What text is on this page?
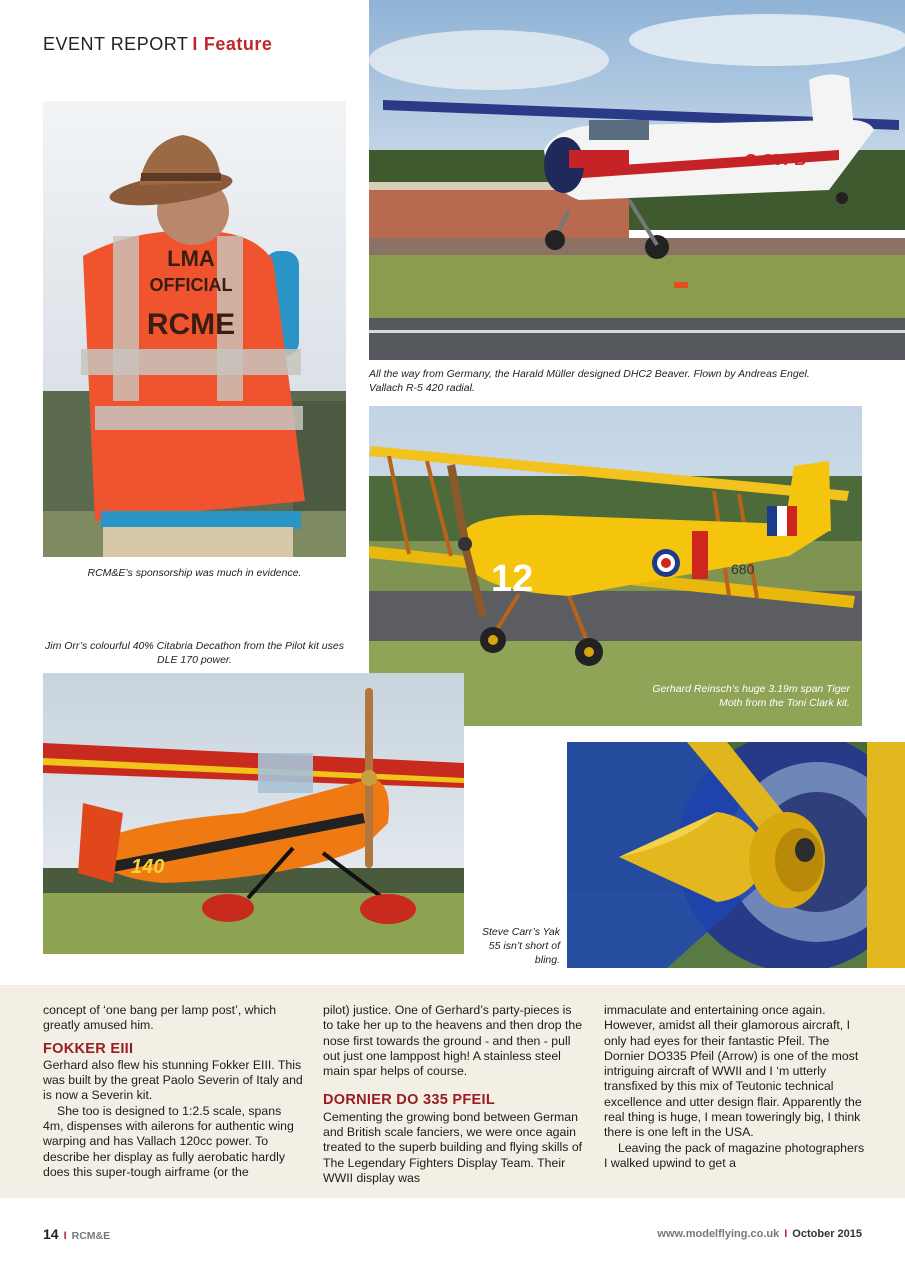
EVENT REPORT I Feature
LMA
OFFICIAL
RCME
C-GVPB
All the way from Germany, the Harald Müller designed DHC2 Beaver. Flown by Andreas Engel. Vallach R-5 420 radial.
RCM&E’s sponsorship was much in evidence.	12	680
Gerhard Reinsch’s huge 3.19m span Tiger Moth from the Toni Clark kit.
Jim Orr’s colourful 40% Citabria Decathon from the Pilot kit uses DLE 170 power.
140
Steve Carr’s Yak 55 isn’t short of bling.

concept of ‘one bang per lamp post’, which greatly amused him.

FOKKER EIII

Gerhard also flew his stunning Fokker EIII. This was built by the great Paolo Severin of Italy and is now a Severin kit.

She too is designed to 1:2.5 scale, spans 4m, dispenses with ailerons for authentic wing warping and has Vallach 120cc power. To describe her display as fully aerobatic hardly does this super-tough airframe (or the

pilot) justice. One of Gerhard’s party-pieces is to take her up to the heavens and then drop the nose first towards the ground - and then - pull out just one lamppost high! A stainless steel main spar helps of course.

DORNIER DO 335 PFEIL

Cementing the growing bond between German and British scale fanciers, we were once again treated to the superb building and flying skills of The Legendary Fighters Display Team. Their WWII display was

immaculate and entertaining once again. However, amidst all their glamorous aircraft, I only had eyes for their fantastic Pfeil. The Dornier DO335 Pfeil (Arrow) is one of the most intriguing aircraft of WWII and I ‘m utterly transfixed by this mix of Teutonic technical excellence and utter design flair. Apparently the real thing is huge, I mean toweringly big, I think there is one left in the USA.

Leaving the pack of magazine photographers I walked upwind to get a

14 I RCM&E	www.modelflying.co.uk I October 2015
